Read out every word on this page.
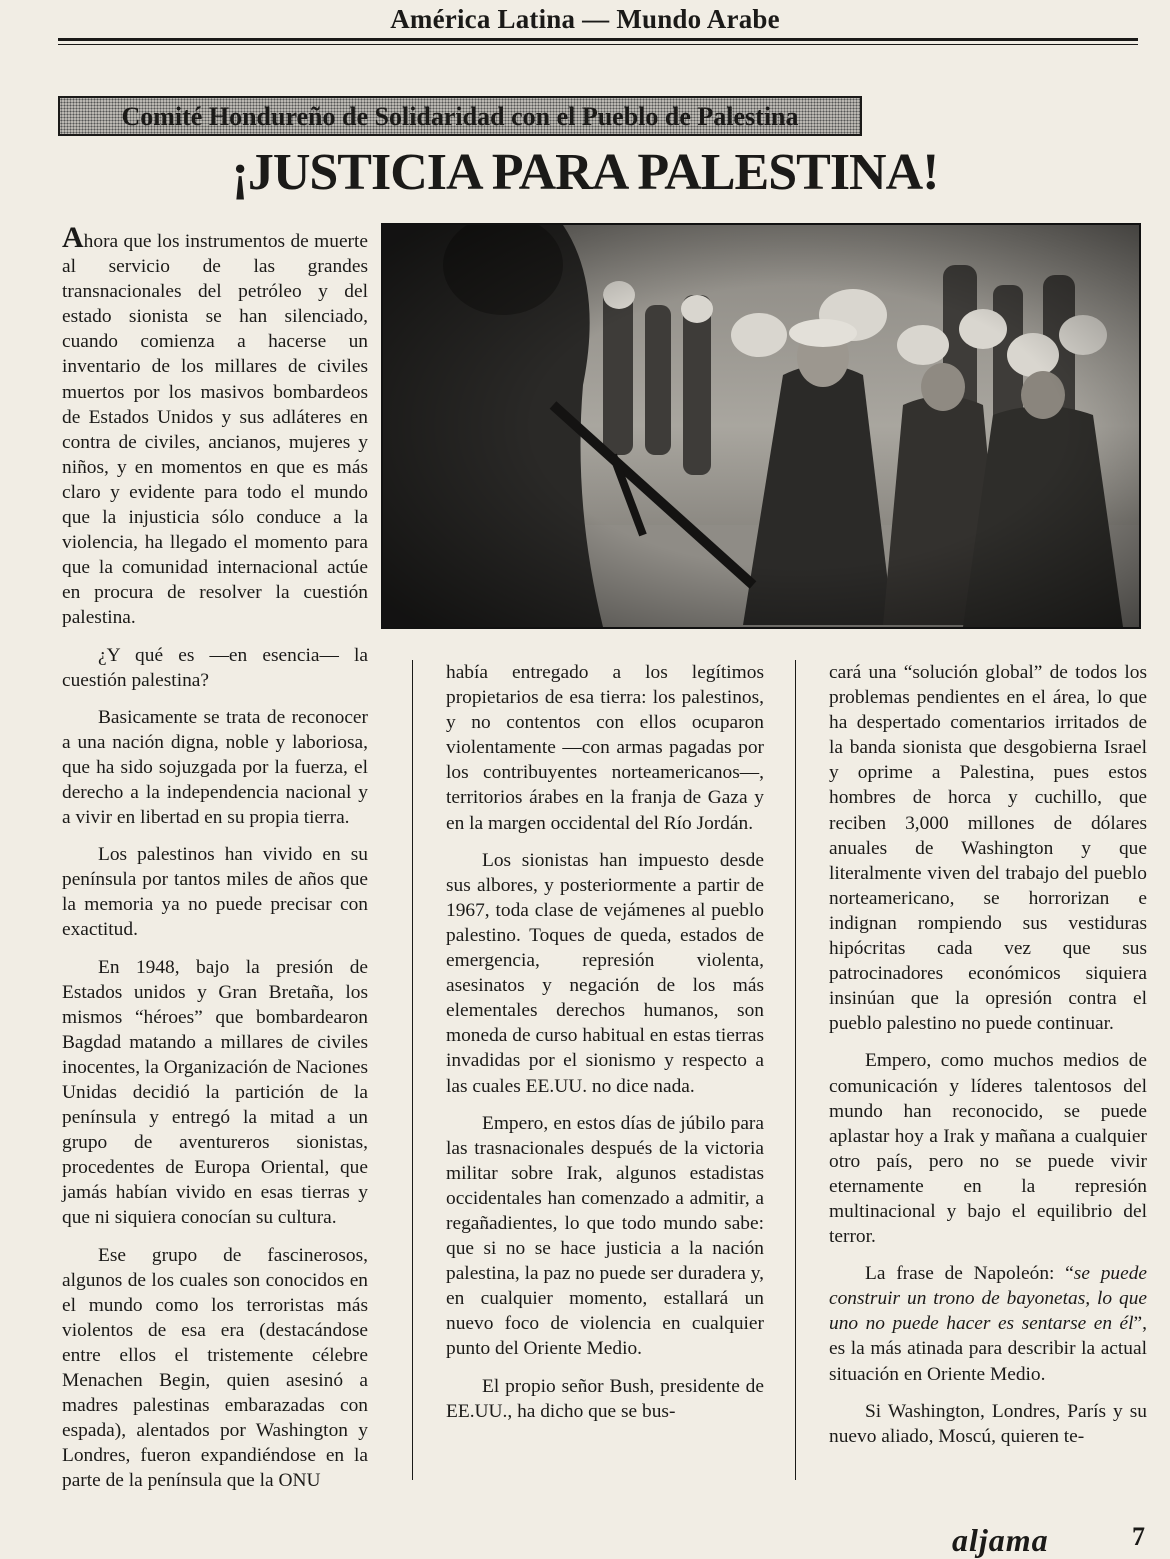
América Latina — Mundo Arabe
Comité Hondureño de Solidaridad con el Pueblo de Palestina
¡JUSTICIA PARA PALESTINA!

Ahora que los instrumentos de muerte al servicio de las grandes transnacionales del petróleo y del estado sionista se han silenciado, cuando comienza a hacerse un inventario de los millares de civiles muertos por los masivos bombardeos de Estados Unidos y sus adláteres en contra de civiles, ancianos, mujeres y niños, y en momentos en que es más claro y evidente para todo el mundo que la injusticia sólo conduce a la violencia, ha llegado el momento para que la comunidad internacional actúe en procura de resolver la cuestión palestina.

¿Y qué es —en esencia— la cuestión palestina?

Basicamente se trata de reconocer a una nación digna, noble y laboriosa, que ha sido sojuzgada por la fuerza, el derecho a la independencia nacional y a vivir en libertad en su propia tierra.

Los palestinos han vivido en su península por tantos miles de años que la memoria ya no puede precisar con exactitud.

En 1948, bajo la presión de Estados unidos y Gran Bretaña, los mismos “héroes” que bombardearon Bagdad matando a millares de civiles inocentes, la Organización de Naciones Unidas decidió la partición de la península y entregó la mitad a un grupo de aventureros sionistas, procedentes de Europa Oriental, que jamás habían vivido en esas tierras y que ni siquiera conocían su cultura.

Ese grupo de fascinerosos, algunos de los cuales son conocidos en el mundo como los terroristas más violentos de esa era (destacándose entre ellos el tristemente célebre Menachen Begin, quien asesinó a madres palestinas embarazadas con espada), alentados por Washington y Londres, fueron expandiéndose en la parte de la península que la ONU

había entregado a los legítimos propietarios de esa tierra: los palestinos, y no contentos con ellos ocuparon violentamente —con armas pagadas por los contribuyentes norteamericanos—, territorios árabes en la franja de Gaza y en la margen occidental del Río Jordán.

Los sionistas han impuesto desde sus albores, y posteriormente a partir de 1967, toda clase de vejámenes al pueblo palestino. Toques de queda, estados de emergencia, represión violenta, asesinatos y negación de los más elementales derechos humanos, son moneda de curso habitual en estas tierras invadidas por el sionismo y respecto a las cuales EE.UU. no dice nada.

Empero, en estos días de júbilo para las trasnacionales después de la victoria militar sobre Irak, algunos estadistas occidentales han comenzado a admitir, a regañadientes, lo que todo mundo sabe: que si no se hace justicia a la nación palestina, la paz no puede ser duradera y, en cualquier momento, estallará un nuevo foco de violencia en cualquier punto del Oriente Medio.

El propio señor Bush, presidente de EE.UU., ha dicho que se bus-

cará una “solución global” de todos los problemas pendientes en el área, lo que ha despertado comentarios irritados de la banda sionista que desgobierna Israel y oprime a Palestina, pues estos hombres de horca y cuchillo, que reciben 3,000 millones de dólares anuales de Washington y que literalmente viven del trabajo del pueblo norteamericano, se horrorizan e indignan rompiendo sus vestiduras hipócritas cada vez que sus patrocinadores económicos siquiera insinúan que la opresión contra el pueblo palestino no puede continuar.

Empero, como muchos medios de comunicación y líderes talentosos del mundo han reconocido, se puede aplastar hoy a Irak y mañana a cualquier otro país, pero no se puede vivir eternamente en la represión multinacional y bajo el equilibrio del terror.

La frase de Napoleón: “se puede construir un trono de bayonetas, lo que uno no puede hacer es sentarse en él”, es la más atinada para describir la actual situación en Oriente Medio.

Si Washington, Londres, París y su nuevo aliado, Moscú, quieren te-

aljama	7
